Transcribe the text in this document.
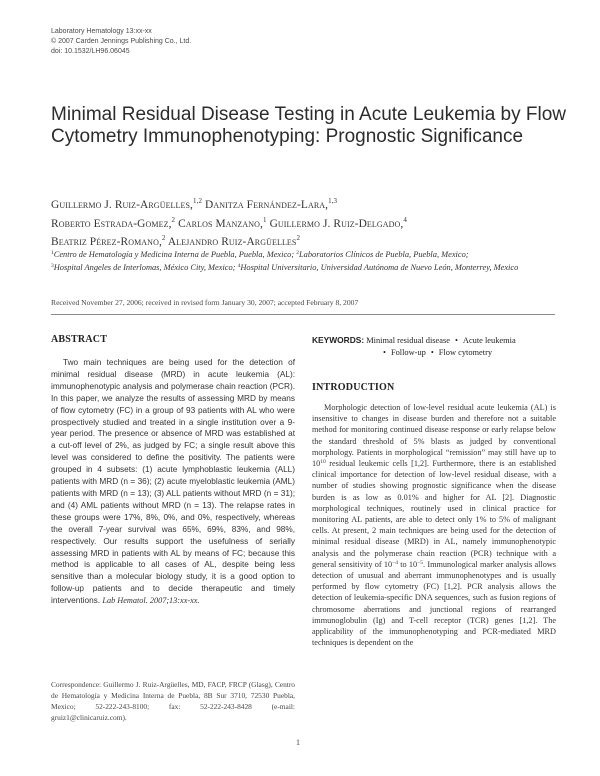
Laboratory Hematology 13:xx-xx
© 2007 Carden Jennings Publishing Co., Ltd.
doi: 10.1532/LH96.06045
Minimal Residual Disease Testing in Acute Leukemia by Flow Cytometry Immunophenotyping: Prognostic Significance
Guillermo J. Ruiz-Argüelles,$^{1,2}$ Danitza Fernández-Lara,$^{1,3}$
Roberto Estrada-Gomez,$^2$ Carlos Manzano,$^1$ Guillermo J. Ruiz-Delgado,$^4$
Beatriz Pérez-Romano,$^2$ Alejandro Ruiz-Argüelles$^2$
$^1$Centro de Hematología y Medicina Interna de Puebla, Puebla, Mexico; $^2$Laboratorios Clínicos de Puebla, Puebla, Mexico;
$^3$Hospital Angeles de Interlomas, México City, Mexico; $^4$Hospital Universitario, Universidad Autónoma de Nuevo León, Monterrey, Mexico
Received November 27, 2006; received in revised form January 30, 2007; accepted February 8, 2007
ABSTRACT

Two main techniques are being used for the detection of minimal residual disease (MRD) in acute leukemia (AL): immunophenotypic analysis and polymerase chain reaction (PCR). In this paper, we analyze the results of assessing MRD by means of flow cytometry (FC) in a group of 93 patients with AL who were prospectively studied and treated in a single institution over a 9-year period. The presence or absence of MRD was established at a cut-off level of 2%, as judged by FC; a single result above this level was considered to define the positivity. The patients were grouped in 4 subsets: (1) acute lymphoblastic leukemia (ALL) patients with MRD (n = 36); (2) acute myeloblastic leukemia (AML) patients with MRD (n = 13); (3) ALL patients without MRD (n = 31); and (4) AML patients without MRD (n = 13). The relapse rates in these groups were 17%, 8%, 0%, and 0%, respectively, whereas the overall 7-year survival was 65%, 69%, 83%, and 98%, respectively. Our results support the usefulness of serially assessing MRD in patients with AL by means of FC; because this method is applicable to all cases of AL, despite being less sensitive than a molecular biology study, it is a good option to follow-up patients and to decide therapeutic and timely interventions. Lab Hematol. 2007;13:xx-xx.

Correspondence: Guillermo J. Ruiz-Argüelles, MD, FACP, FRCP (Glasg), Centro de Hematología y Medicina Interna de Puebla, 8B Sur 3710, 72530 Puebla, Mexico; 52-222-243-8100; fax: 52-222-243-8428 (e-mail: gruiz1@clinicaruiz.com).
KEYWORDS: Minimal residual disease • Acute leukemia
• Follow-up • Flow cytometry
INTRODUCTION

Morphologic detection of low-level residual acute leukemia (AL) is insensitive to changes in disease burden and therefore not a suitable method for monitoring continued disease response or early relapse below the standard threshold of 5% blasts as judged by conventional morphology. Patients in morphological “remission” may still have up to $10^{10}$ residual leukemic cells [1,2]. Furthermore, there is an established clinical importance for detection of low-level residual disease, with a number of studies showing prognostic significance when the disease burden is as low as 0.01% and higher for AL [2]. Diagnostic morphological techniques, routinely used in clinical practice for monitoring AL patients, are able to detect only 1% to 5% of malignant cells. At present, 2 main techniques are being used for the detection of minimal residual disease (MRD) in AL, namely immunophenotypic analysis and the polymerase chain reaction (PCR) technique with a general sensitivity of $10^{-4}$ to $10^{-5}$. Immunological marker analysis allows detection of unusual and aberrant immunophenotypes and is usually performed by flow cytometry (FC) [1,2]. PCR analysis allows the detection of leukemia-specific DNA sequences, such as fusion regions of chromosome aberrations and junctional regions of rearranged immunoglobulin (Ig) and T-cell receptor (TCR) genes [1,2]. The applicability of the immunophenotyping and PCR-mediated MRD techniques is dependent on the

1
